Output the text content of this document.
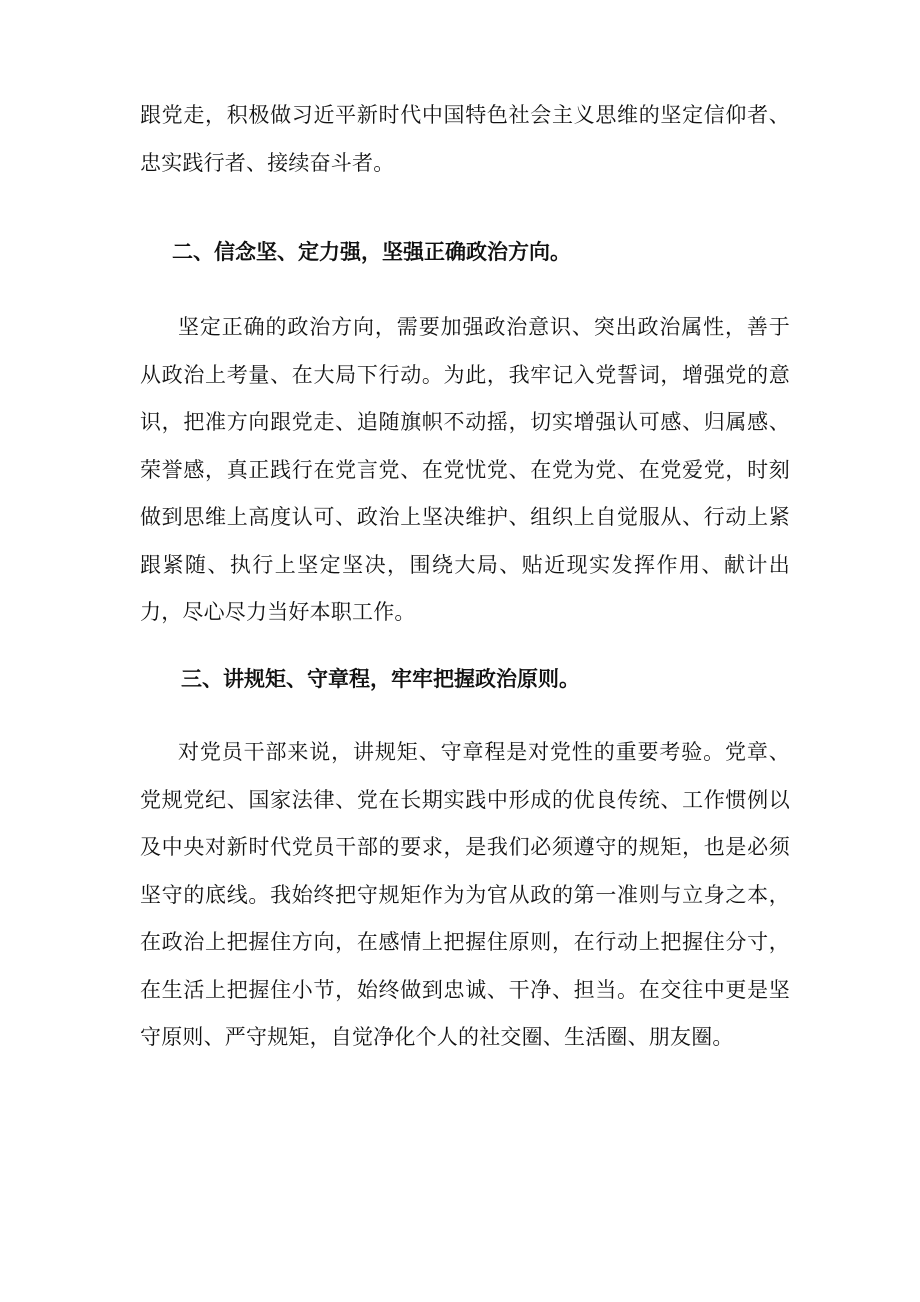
跟党走，积极做习近平新时代中国特色社会主义思维的坚定信仰者、忠实践行者、接续奋斗者。

二、信念坚、定力强，坚强正确政治方向。

坚定正确的政治方向，需要加强政治意识、突出政治属性，善于从政治上考量、在大局下行动。为此，我牢记入党誓词，增强党的意识，把准方向跟党走、追随旗帜不动摇，切实增强认可感、归属感、荣誉感，真正践行在党言党、在党忧党、在党为党、在党爱党，时刻做到思维上高度认可、政治上坚决维护、组织上自觉服从、行动上紧跟紧随、执行上坚定坚决，围绕大局、贴近现实发挥作用、献计出力，尽心尽力当好本职工作。

三、讲规矩、守章程，牢牢把握政治原则。

对党员干部来说，讲规矩、守章程是对党性的重要考验。党章、党规党纪、国家法律、党在长期实践中形成的优良传统、工作惯例以及中央对新时代党员干部的要求，是我们必须遵守的规矩，也是必须坚守的底线。我始终把守规矩作为为官从政的第一准则与立身之本，在政治上把握住方向，在感情上把握住原则，在行动上把握住分寸，在生活上把握住小节，始终做到忠诚、干净、担当。在交往中更是坚守原则、严守规矩，自觉净化个人的社交圈、生活圈、朋友圈。
